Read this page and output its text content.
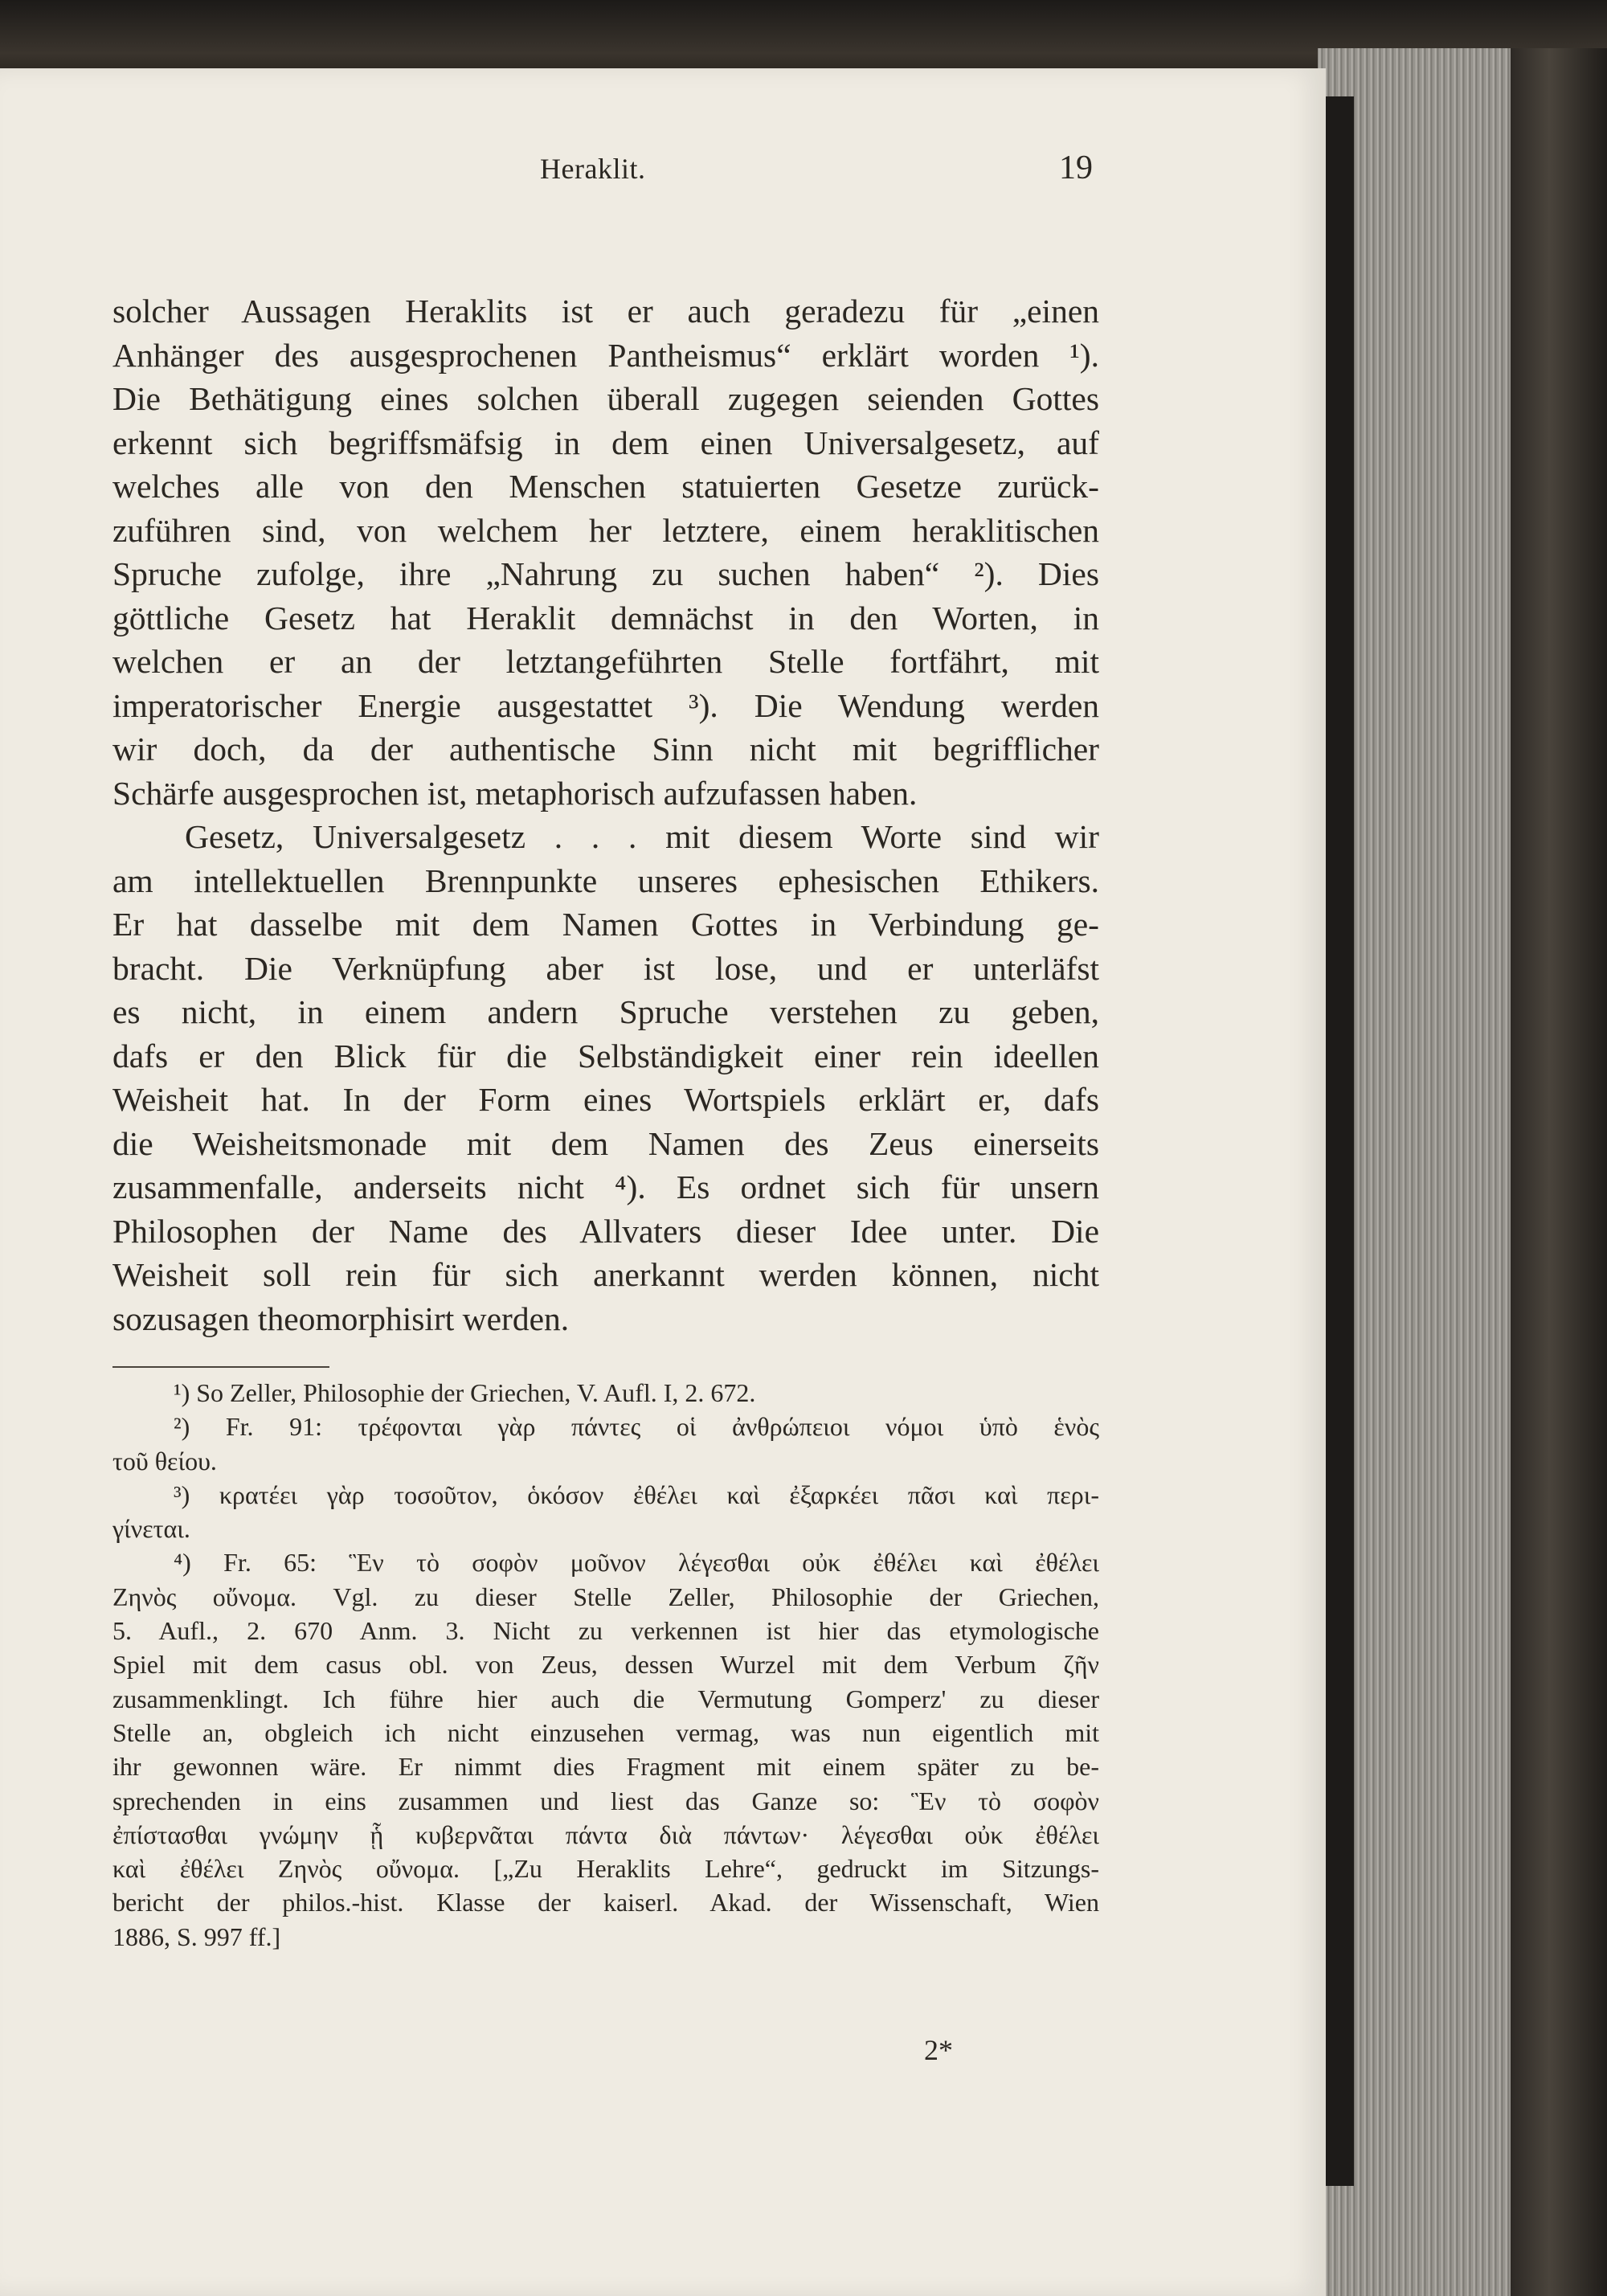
Heraklit.	19
solcher Aussagen Heraklits ist er auch geradezu für „einen
Anhänger des ausgesprochenen Pantheismus“ erklärt worden ¹).
Die Bethätigung eines solchen überall zugegen seienden Gottes
erkennt sich begriffsmäfsig in dem einen Universalgesetz, auf
welches alle von den Menschen statuierten Gesetze zurück-
zuführen sind, von welchem her letztere, einem heraklitischen
Spruche zufolge, ihre „Nahrung zu suchen haben“ ²). Dies
göttliche Gesetz hat Heraklit demnächst in den Worten, in
welchen er an der letztangeführten Stelle fortfährt, mit
imperatorischer Energie ausgestattet ³). Die Wendung werden
wir doch, da der authentische Sinn nicht mit begrifflicher
Schärfe ausgesprochen ist, metaphorisch aufzufassen haben.
Gesetz, Universalgesetz . . . mit diesem Worte sind wir
am intellektuellen Brennpunkte unseres ephesischen Ethikers.
Er hat dasselbe mit dem Namen Gottes in Verbindung ge-
bracht. Die Verknüpfung aber ist lose, und er unterläfst
es nicht, in einem andern Spruche verstehen zu geben,
dafs er den Blick für die Selbständigkeit einer rein ideellen
Weisheit hat. In der Form eines Wortspiels erklärt er, dafs
die Weisheitsmonade mit dem Namen des Zeus einerseits
zusammenfalle, anderseits nicht ⁴). Es ordnet sich für unsern
Philosophen der Name des Allvaters dieser Idee unter. Die
Weisheit soll rein für sich anerkannt werden können, nicht
sozusagen theomorphisirt werden.
¹) So Zeller, Philosophie der Griechen, V. Aufl. I, 2. 672.
²) Fr. 91: τρέφονται γὰρ πάντες οἱ ἀνθρώπειοι νόμοι ὑπὸ ἑνὸς
τοῦ θείου.
³) κρατέει γὰρ τοσοῦτον, ὁκόσον ἐθέλει καὶ ἐξαρκέει πᾶσι καὶ περι-
γίνεται.
⁴) Fr. 65: Ἓν τὸ σοφὸν μοῦνον λέγεσθαι οὐκ ἐθέλει καὶ ἐθέλει
Ζηνὸς οὔνομα. Vgl. zu dieser Stelle Zeller, Philosophie der Griechen,
5. Aufl., 2. 670 Anm. 3. Nicht zu verkennen ist hier das etymologische
Spiel mit dem casus obl. von Zeus, dessen Wurzel mit dem Verbum ζῆν
zusammenklingt. Ich führe hier auch die Vermutung Gomperz' zu dieser
Stelle an, obgleich ich nicht einzusehen vermag, was nun eigentlich mit
ihr gewonnen wäre. Er nimmt dies Fragment mit einem später zu be-
sprechenden in eins zusammen und liest das Ganze so: Ἓν τὸ σοφὸν
ἐπίστασθαι γνώμην ᾗ κυβερνᾶται πάντα διὰ πάντων· λέγεσθαι οὐκ ἐθέλει
καὶ ἐθέλει Ζηνὸς οὔνομα. [„Zu Heraklits Lehre“, gedruckt im Sitzungs-
bericht der philos.-hist. Klasse der kaiserl. Akad. der Wissenschaft, Wien
1886, S. 997 ff.]
2*
